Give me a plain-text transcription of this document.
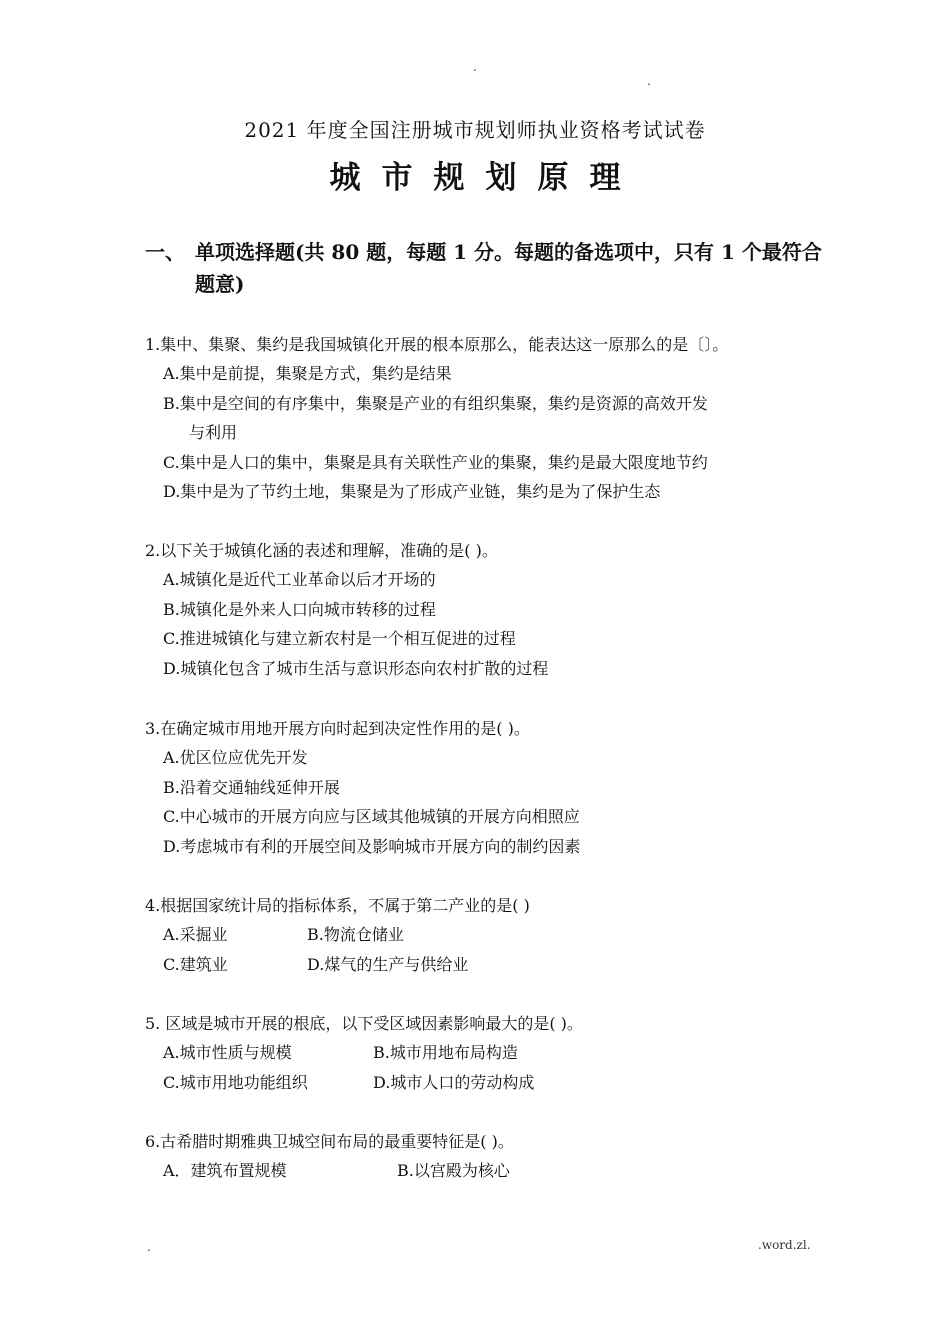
.
.
2021 年度全国注册城市规划师执业资格考试试卷
城市规划原理
一、 单项选择题(共 80 题，每题 1 分。每题的备选项中，只有 1 个最符合题意)
1.集中、集聚、集约是我国城镇化开展的根本原那么，能表达这一原那么的是〔〕。
A.集中是前提，集聚是方式，集约是结果
B.集中是空间的有序集中，集聚是产业的有组织集聚，集约是资源的高效开发
与利用
C.集中是人口的集中，集聚是具有关联性产业的集聚，集约是最大限度地节约
D.集中是为了节约土地，集聚是为了形成产业链，集约是为了保护生态
2.以下关于城镇化涵的表述和理解，准确的是( )。
A.城镇化是近代工业革命以后才开场的
B.城镇化是外来人口向城市转移的过程
C.推进城镇化与建立新农村是一个相互促进的过程
D.城镇化包含了城市生活与意识形态向农村扩散的过程
3.在确定城市用地开展方向时起到决定性作用的是( )。
A.优区位应优先开发
B.沿着交通轴线延伸开展
C.中心城市的开展方向应与区域其他城镇的开展方向相照应
D.考虑城市有利的开展空间及影响城市开展方向的制约因素
4.根据国家统计局的指标体系，不属于第二产业的是( )
A.采掘业	B.物流仓储业
C.建筑业	D.煤气的生产与供给业
5. 区域是城市开展的根底，以下受区域因素影响最大的是( )。
A.城市性质与规模	B.城市用地布局构造
C.城市用地功能组织	D.城市人口的劳动构成
6.古希腊时期雅典卫城空间布局的最重要特征是( )。
A．建筑布置规模	B.以宫殿为核心
.	.word.zl.
